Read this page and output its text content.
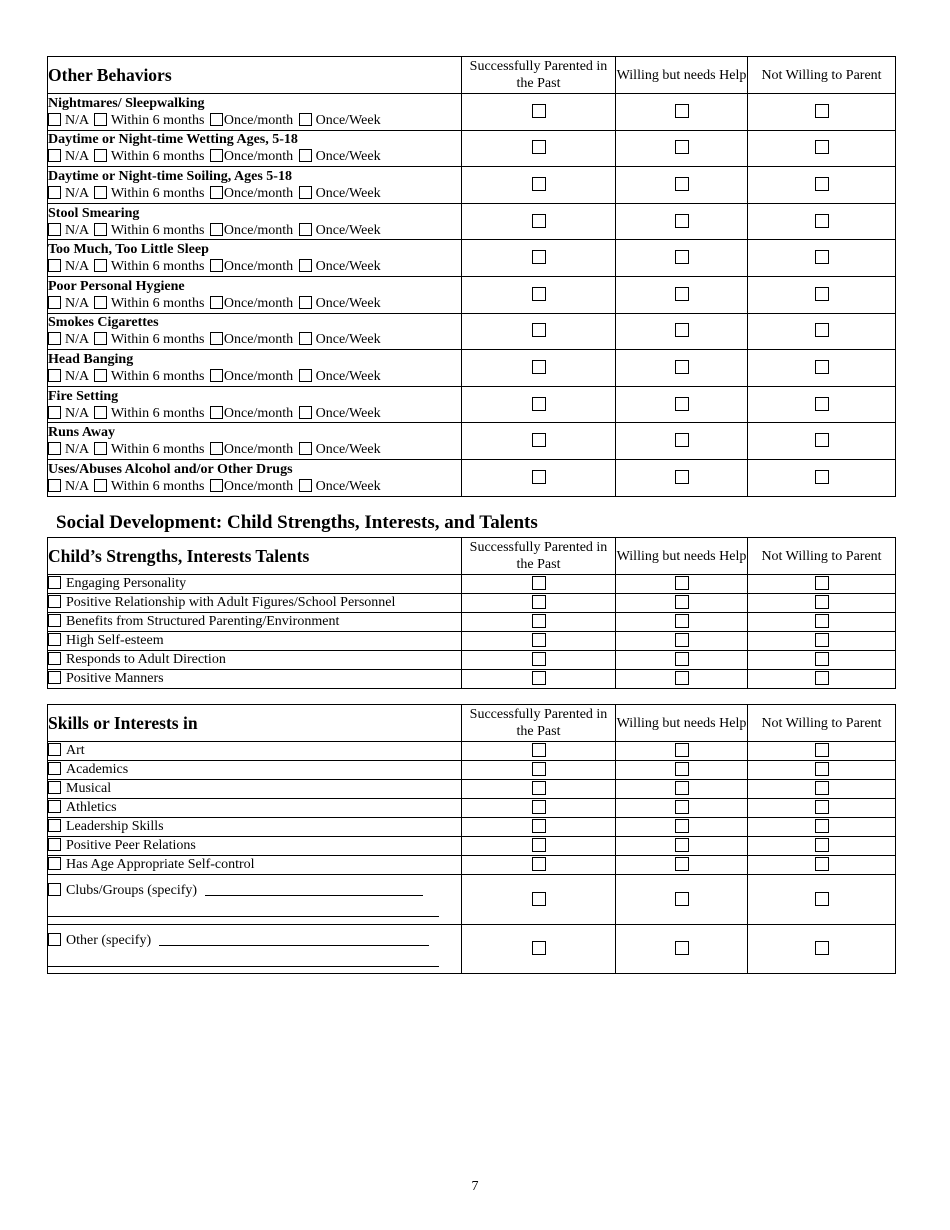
Other Behaviors	Successfully Parented in the Past	Willing but needs Help	Not Willing to Parent

Nightmares/ Sleepwalking
N/A Within 6 months Once/month Once/Week			

Daytime or Night-time Wetting Ages, 5-18
N/A Within 6 months Once/month Once/Week			

Daytime or Night-time Soiling, Ages 5-18
N/A Within 6 months Once/month Once/Week			

Stool Smearing
N/A Within 6 months Once/month Once/Week			

Too Much, Too Little Sleep
N/A Within 6 months Once/month Once/Week			

Poor Personal Hygiene
N/A Within 6 months Once/month Once/Week			

Smokes Cigarettes
N/A Within 6 months Once/month Once/Week			

Head Banging
N/A Within 6 months Once/month Once/Week			

Fire Setting
N/A Within 6 months Once/month Once/Week			

Runs Away
N/A Within 6 months Once/month Once/Week			

Uses/Abuses Alcohol and/or Other Drugs
N/A Within 6 months Once/month Once/Week			

Social Development: Child Strengths, Interests, and Talents
Child’s Strengths, Interests Talents	Successfully Parented in the Past	Willing but needs Help	Not Willing to Parent
Engaging Personality			
Positive Relationship with Adult Figures/School Personnel			
Benefits from Structured Parenting/Environment			
High Self-esteem			
Responds to Adult Direction			
Positive Manners			
Skills or Interests in	Successfully Parented in the Past	Willing but needs Help	Not Willing to Parent
Art			
Academics			
Musical			
Athletics			
Leadership Skills			
Positive Peer Relations			
Has Age Appropriate Self-control			
Clubs/Groups (specify)

Other (specify)

7
